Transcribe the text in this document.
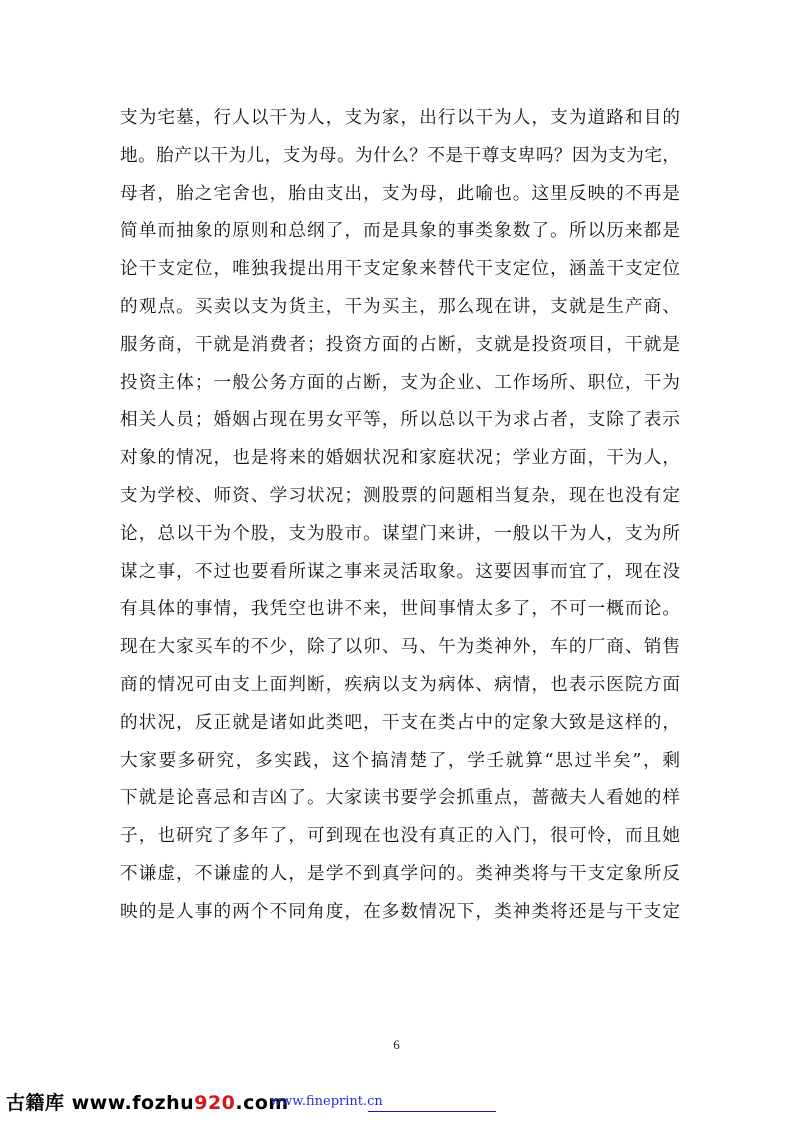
支为宅墓，行人以干为人，支为家，出行以干为人，支为道路和目的
地。胎产以干为儿，支为母。为什么？不是干尊支卑吗？因为支为宅，
母者，胎之宅舍也，胎由支出，支为母，此喻也。这里反映的不再是
简单而抽象的原则和总纲了，而是具象的事类象数了。所以历来都是
论干支定位，唯独我提出用干支定象来替代干支定位，涵盖干支定位
的观点。买卖以支为货主，干为买主，那么现在讲，支就是生产商、
服务商，干就是消费者；投资方面的占断，支就是投资项目，干就是
投资主体；一般公务方面的占断，支为企业、工作场所、职位，干为
相关人员；婚姻占现在男女平等，所以总以干为求占者，支除了表示
对象的情况，也是将来的婚姻状况和家庭状况；学业方面，干为人，
支为学校、师资、学习状况；测股票的问题相当复杂，现在也没有定
论，总以干为个股，支为股市。谋望门来讲，一般以干为人，支为所
谋之事，不过也要看所谋之事来灵活取象。这要因事而宜了，现在没
有具体的事情，我凭空也讲不来，世间事情太多了，不可一概而论。
现在大家买车的不少，除了以卯、马、午为类神外，车的厂商、销售
商的情况可由支上面判断，疾病以支为病体、病情，也表示医院方面
的状况，反正就是诸如此类吧，干支在类占中的定象大致是这样的，
大家要多研究，多实践，这个搞清楚了，学壬就算“思过半矣”，剩
下就是论喜忌和吉凶了。大家读书要学会抓重点，蔷薇夫人看她的样
子，也研究了多年了，可到现在也没有真正的入门，很可怜，而且她
不谦虚，不谦虚的人，是学不到真学问的。类神类将与干支定象所反
映的是人事的两个不同角度，在多数情况下，类神类将还是与干支定
6
古籍库 www.fozhu920.com
www.fineprint.cn
